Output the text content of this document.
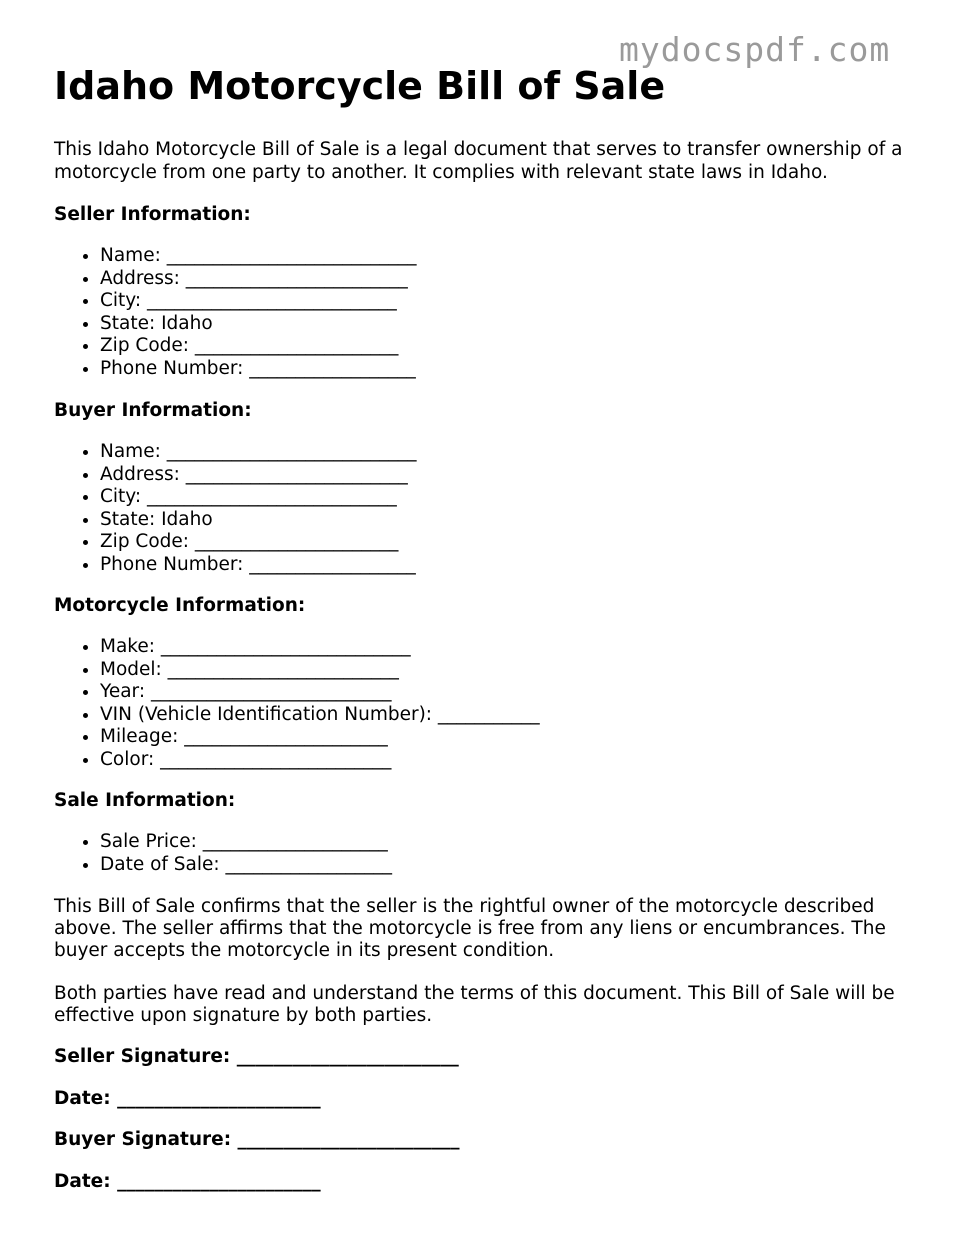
mydocspdf.com
Idaho Motorcycle Bill of Sale

This Idaho Motorcycle Bill of Sale is a legal document that serves to transfer ownership of a motorcycle from one party to another. It complies with relevant state laws in Idaho.

Seller Information:

• Name: ___________________________
• Address: ________________________
• City: ___________________________
• State: Idaho
• Zip Code: ______________________
• Phone Number: __________________

Buyer Information:

• Name: ___________________________
• Address: ________________________
• City: ___________________________
• State: Idaho
• Zip Code: ______________________
• Phone Number: __________________

Motorcycle Information:

• Make: ___________________________
• Model: _________________________
• Year: __________________________
• VIN (Vehicle Identification Number): ___________
• Mileage: ______________________
• Color: _________________________

Sale Information:

• Sale Price: ____________________
• Date of Sale: __________________

This Bill of Sale confirms that the seller is the rightful owner of the motorcycle described above. The seller affirms that the motorcycle is free from any liens or encumbrances. The buyer accepts the motorcycle in its present condition.

Both parties have read and understand the terms of this document. This Bill of Sale will be effective upon signature by both parties.

Seller Signature: ________________________

Date: ______________________

Buyer Signature: ________________________

Date: ______________________
